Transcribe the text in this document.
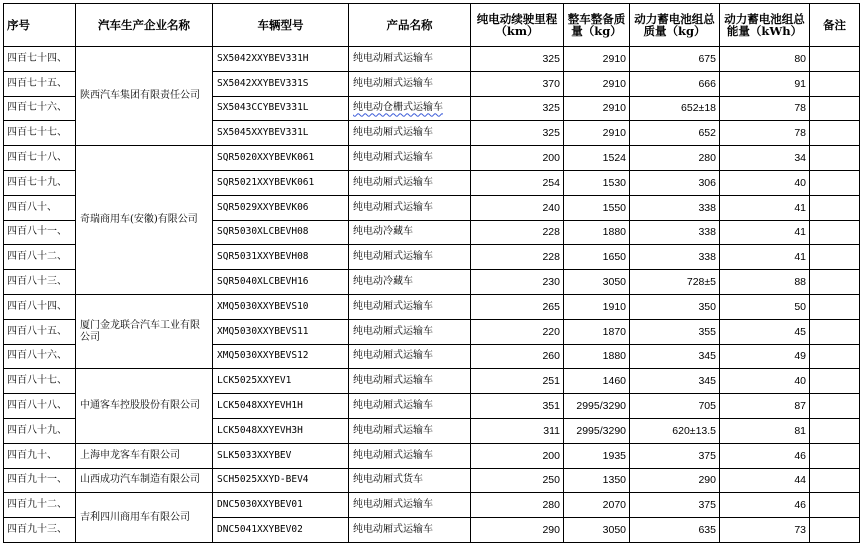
序号	汽车生产企业名称	车辆型号	产品名称	纯电动续驶里程（km）	整车整备质量（kg）	动力蓄电池组总质量（kg）	动力蓄电池组总能量（kWh）	备注
四百七十四、	陕西汽车集团有限责任公司	SX5042XXYBEV331H	纯电动厢式运输车	325	2910	675	80	
四百七十五、		SX5042XXYBEV331S	纯电动厢式运输车	370	2910	666	91	
四百七十六、		SX5043CCYBEV331L	纯电动仓栅式运输车	325	2910	652±18	78	
四百七十七、		SX5045XXYBEV331L	纯电动厢式运输车	325	2910	652	78	
四百七十八、	奇瑞商用车(安徽)有限公司	SQR5020XXYBEVK061	纯电动厢式运输车	200	1524	280	34	
四百七十九、		SQR5021XXYBEVK061	纯电动厢式运输车	254	1530	306	40	
四百八十、		SQR5029XXYBEVK06	纯电动厢式运输车	240	1550	338	41	
四百八十一、		SQR5030XLCBEVH08	纯电动冷藏车	228	1880	338	41	
四百八十二、		SQR5031XXYBEVH08	纯电动厢式运输车	228	1650	338	41	
四百八十三、		SQR5040XLCBEVH16	纯电动冷藏车	230	3050	728±5	88	
四百八十四、	厦门金龙联合汽车工业有限公司	XMQ5030XXYBEVS10	纯电动厢式运输车	265	1910	350	50	
四百八十五、		XMQ5030XXYBEVS11	纯电动厢式运输车	220	1870	355	45	
四百八十六、		XMQ5030XXYBEVS12	纯电动厢式运输车	260	1880	345	49	
四百八十七、	中通客车控股股份有限公司	LCK5025XXYEV1	纯电动厢式运输车	251	1460	345	40	
四百八十八、		LCK5048XXYEVH1H	纯电动厢式运输车	351	2995/3290	705	87	
四百八十九、		LCK5048XXYEVH3H	纯电动厢式运输车	311	2995/3290	620±13.5	81	
四百九十、	上海申龙客车有限公司	SLK5033XXYBEV	纯电动厢式运输车	200	1935	375	46	
四百九十一、	山西成功汽车制造有限公司	SCH5025XXYD-BEV4	纯电动厢式货车	250	1350	290	44	
四百九十二、	吉利四川商用车有限公司	DNC5030XXYBEV01	纯电动厢式运输车	280	2070	375	46	
四百九十三、		DNC5041XXYBEV02	纯电动厢式运输车	290	3050	635	73	
